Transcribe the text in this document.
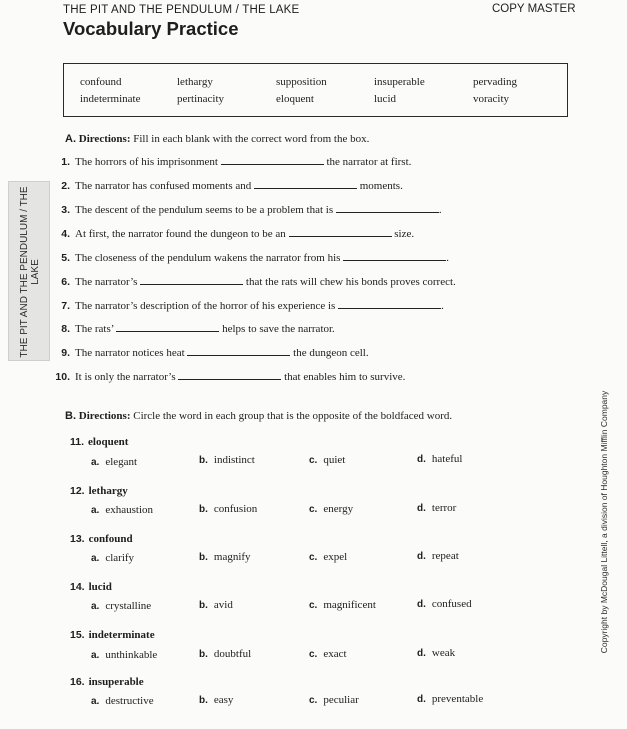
THE PIT AND THE PENDULUM / THE LAKE	COPY MASTER
Vocabulary Practice
confound	lethargy	supposition	insuperable	pervading
indeterminate	pertinacity	eloquent	lucid	voracity
THE PIT AND THE PENDULUM / THE LAKE
A. Directions: Fill in each blank with the correct word from the box.
1. The horrors of his imprisonment	the narrator at first.
2. The narrator has confused moments and	moments.
3. The descent of the pendulum seems to be a problem that is	.
4. At first, the narrator found the dungeon to be an	size.
5. The closeness of the pendulum wakens the narrator from his	.
6. The narrator’s	that the rats will chew his bonds proves correct.
7. The narrator’s description of the horror of his experience is	.
8. The rats’	helps to save the narrator.
9. The narrator notices heat	the dungeon cell.
10. It is only the narrator’s	that enables him to survive.
B. Directions: Circle the word in each group that is the opposite of the boldfaced word.
11. eloquent
a. elegant	b. indistinct	c. quiet	d. hateful
12. lethargy
a. exhaustion	b. confusion	c. energy	d. terror
13. confound
a. clarify	b. magnify	c. expel	d. repeat
14. lucid
a. crystalline	b. avid	c. magnificent	d. confused
15. indeterminate
a. unthinkable	b. doubtful	c. exact	d. weak
16. insuperable
a. destructive	b. easy	c. peculiar	d. preventable
Copyright by McDougal Littell, a division of Houghton Mifflin Company
